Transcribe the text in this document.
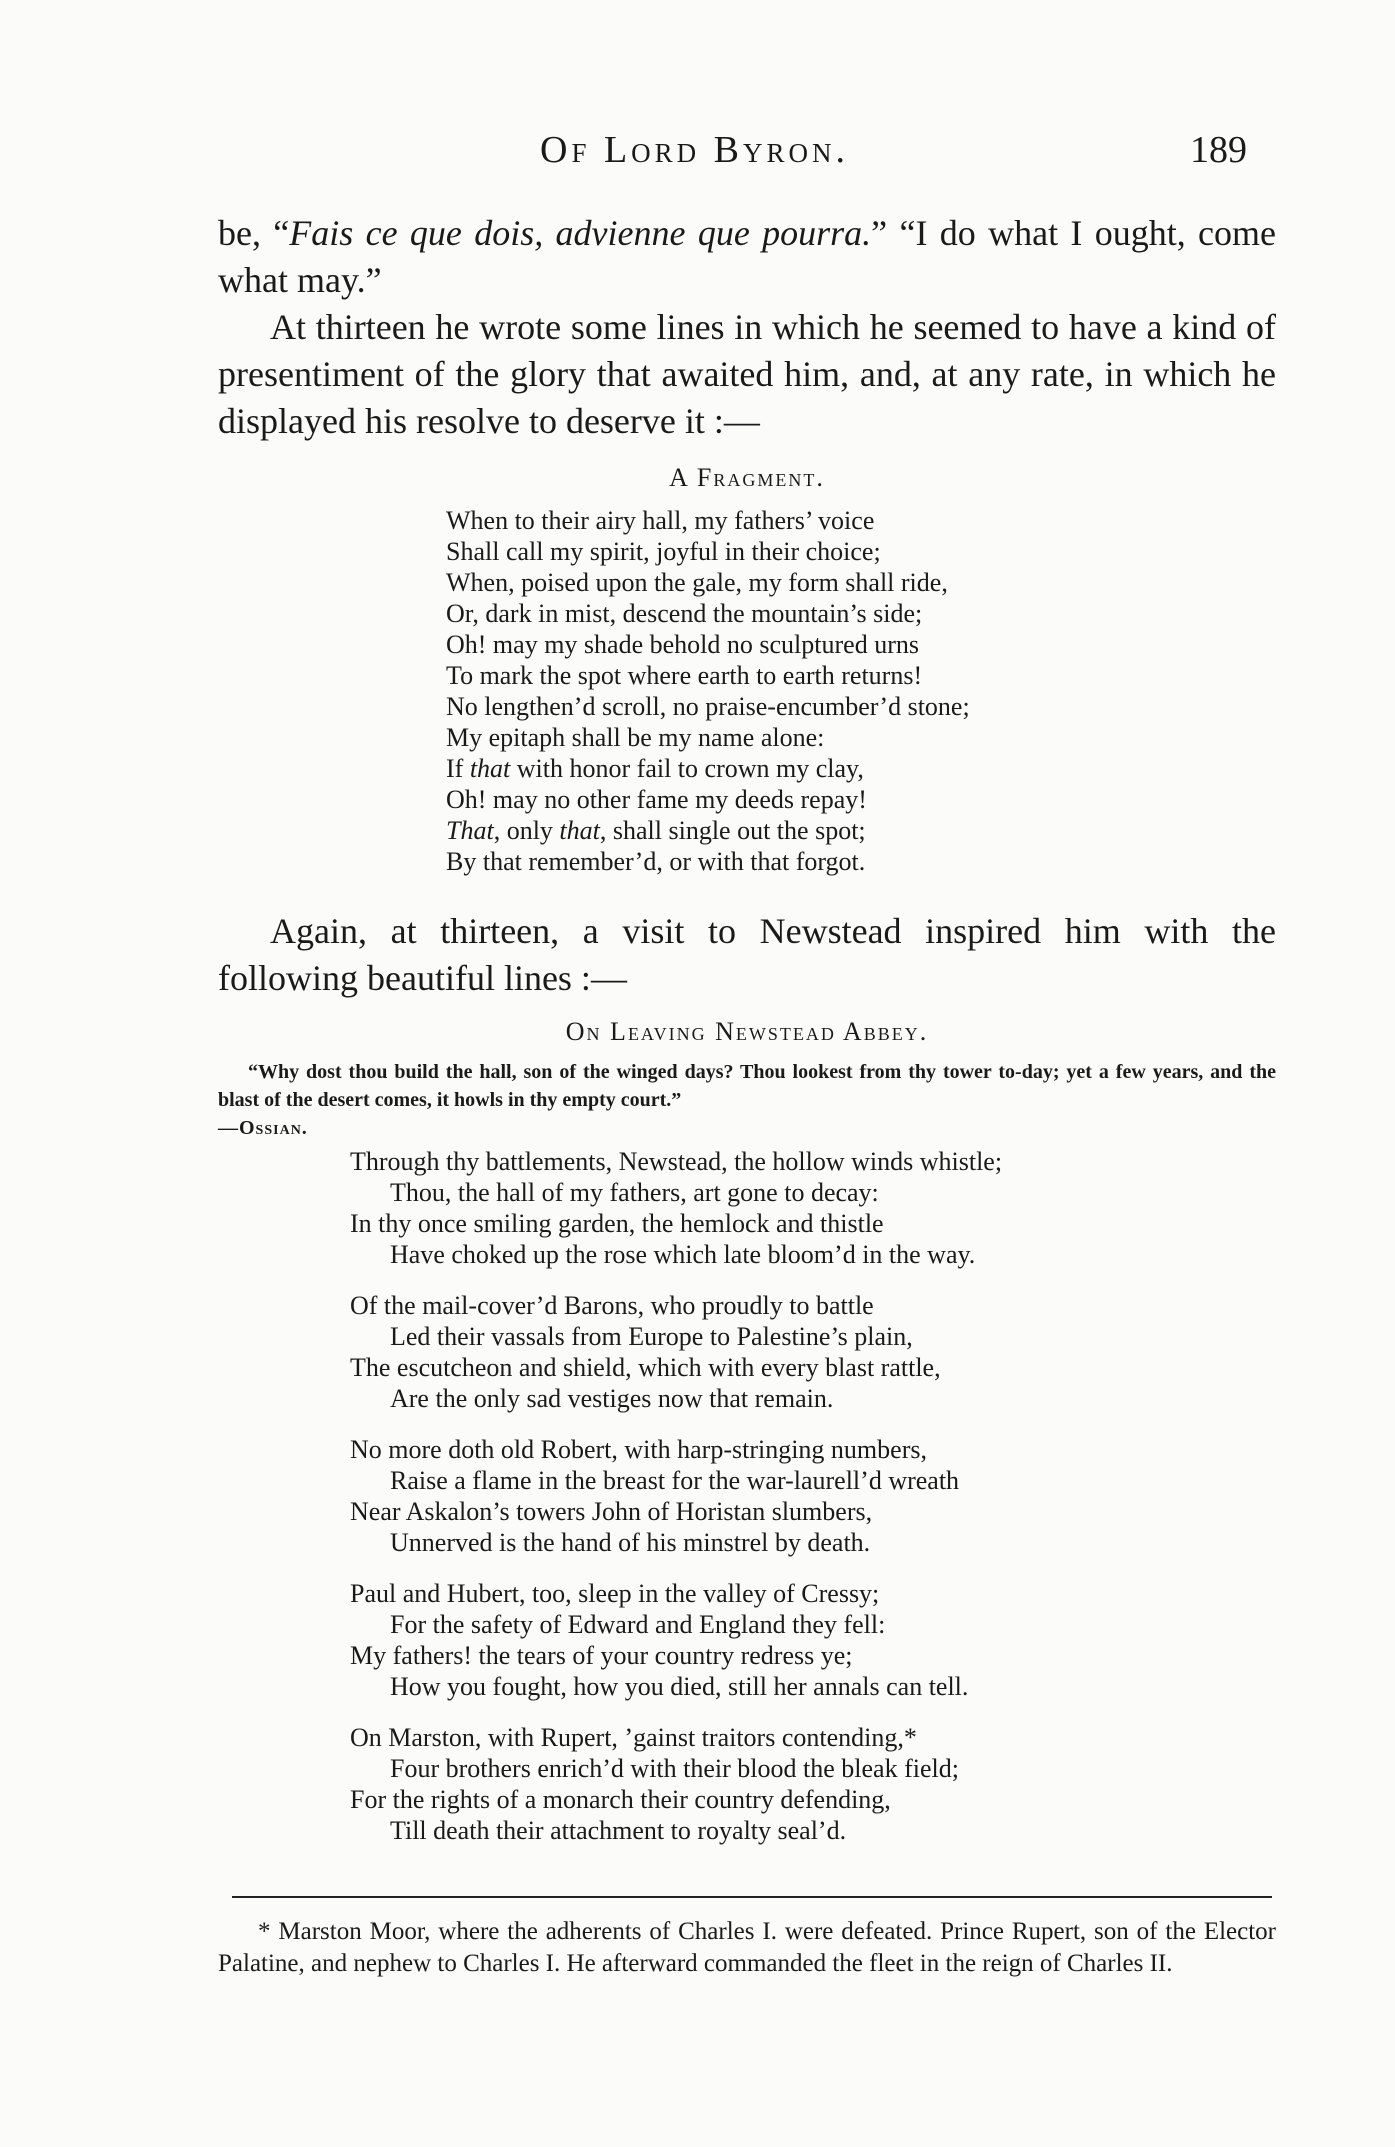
Of Lord Byron.	189

be, “Fais ce que dois, advienne que pourra.” “I do what I ought, come what may.”

At thirteen he wrote some lines in which he seemed to have a kind of presentiment of the glory that awaited him, and, at any rate, in which he displayed his resolve to deserve it :—

A Fragment.
When to their airy hall, my fathers’ voice
Shall call my spirit, joyful in their choice;
When, poised upon the gale, my form shall ride,
Or, dark in mist, descend the mountain’s side;
Oh! may my shade behold no sculptured urns
To mark the spot where earth to earth returns!
No lengthen’d scroll, no praise-encumber’d stone;
My epitaph shall be my name alone:
If that with honor fail to crown my clay,
Oh! may no other fame my deeds repay!
That, only that, shall single out the spot;
By that remember’d, or with that forgot.

Again, at thirteen, a visit to Newstead inspired him with the following beautiful lines :—

On Leaving Newstead Abbey.

“Why dost thou build the hall, son of the winged days? Thou lookest from thy tower to-day; yet a few years, and the blast of the desert comes, it howls in thy empty court.”

—Ossian.
Through thy battlements, Newstead, the hollow winds whistle;
Thou, the hall of my fathers, art gone to decay:
In thy once smiling garden, the hemlock and thistle
Have choked up the rose which late bloom’d in the way.
Of the mail-cover’d Barons, who proudly to battle
Led their vassals from Europe to Palestine’s plain,
The escutcheon and shield, which with every blast rattle,
Are the only sad vestiges now that remain.
No more doth old Robert, with harp-stringing numbers,
Raise a flame in the breast for the war-laurell’d wreath
Near Askalon’s towers John of Horistan slumbers,
Unnerved is the hand of his minstrel by death.
Paul and Hubert, too, sleep in the valley of Cressy;
For the safety of Edward and England they fell:
My fathers! the tears of your country redress ye;
How you fought, how you died, still her annals can tell.
On Marston, with Rupert, ’gainst traitors contending,*
Four brothers enrich’d with their blood the bleak field;
For the rights of a monarch their country defending,
Till death their attachment to royalty seal’d.

* Marston Moor, where the adherents of Charles I. were defeated. Prince Rupert, son of the Elector Palatine, and nephew to Charles I. He afterward commanded the fleet in the reign of Charles II.
